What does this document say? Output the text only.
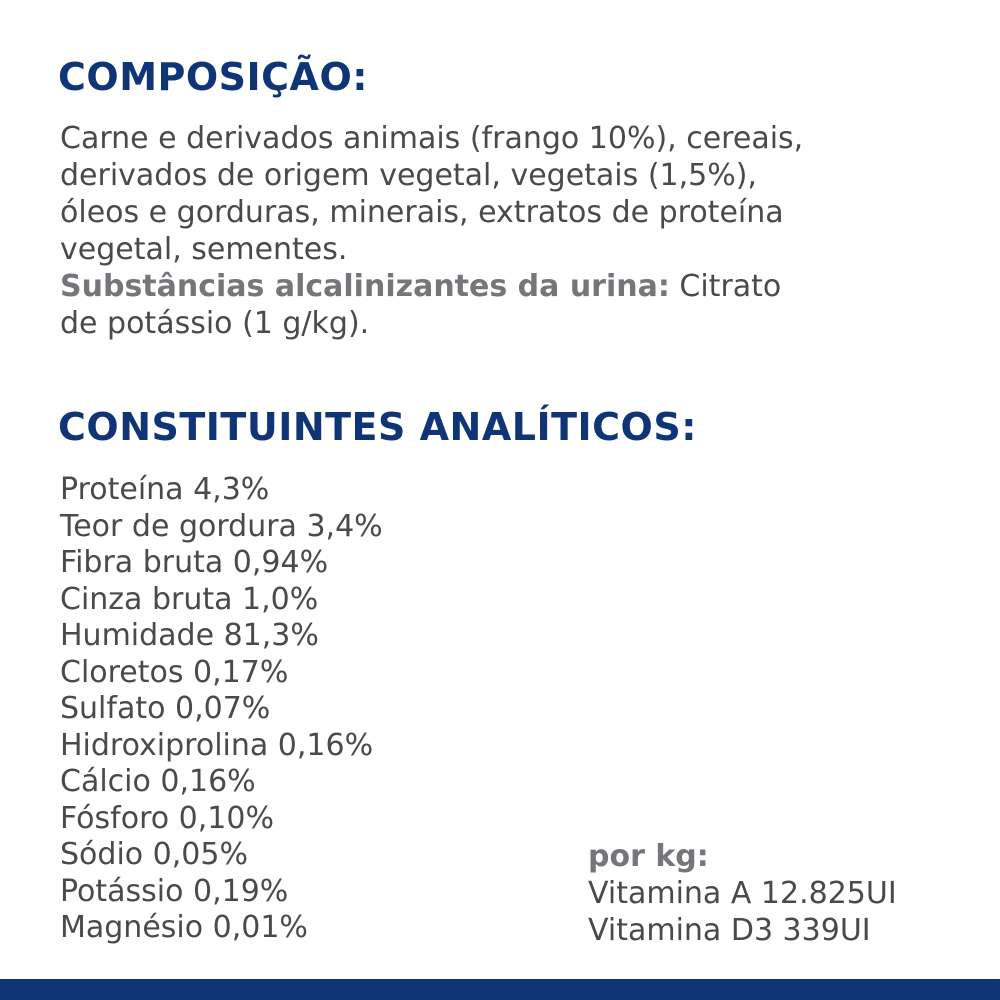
COMPOSIÇÃO:

Carne e derivados animais (frango 10%), cereais,

derivados de origem vegetal, vegetais (1,5%),

óleos e gorduras, minerais, extratos de proteína

vegetal, sementes.

Substâncias alcalinizantes da urina: Citrato

de potássio (1 g/kg).

CONSTITUINTES ANALÍTICOS:
Proteína 4,3%
Teor de gordura 3,4%
Fibra bruta 0,94%
Cinza bruta 1,0%
Humidade 81,3%
Cloretos 0,17%
Sulfato 0,07%
Hidroxiprolina 0,16%
Cálcio 0,16%
Fósforo 0,10%
Sódio 0,05%
Potássio 0,19%
Magnésio 0,01%
por kg:
Vitamina A 12.825UI
Vitamina D3 339UI
